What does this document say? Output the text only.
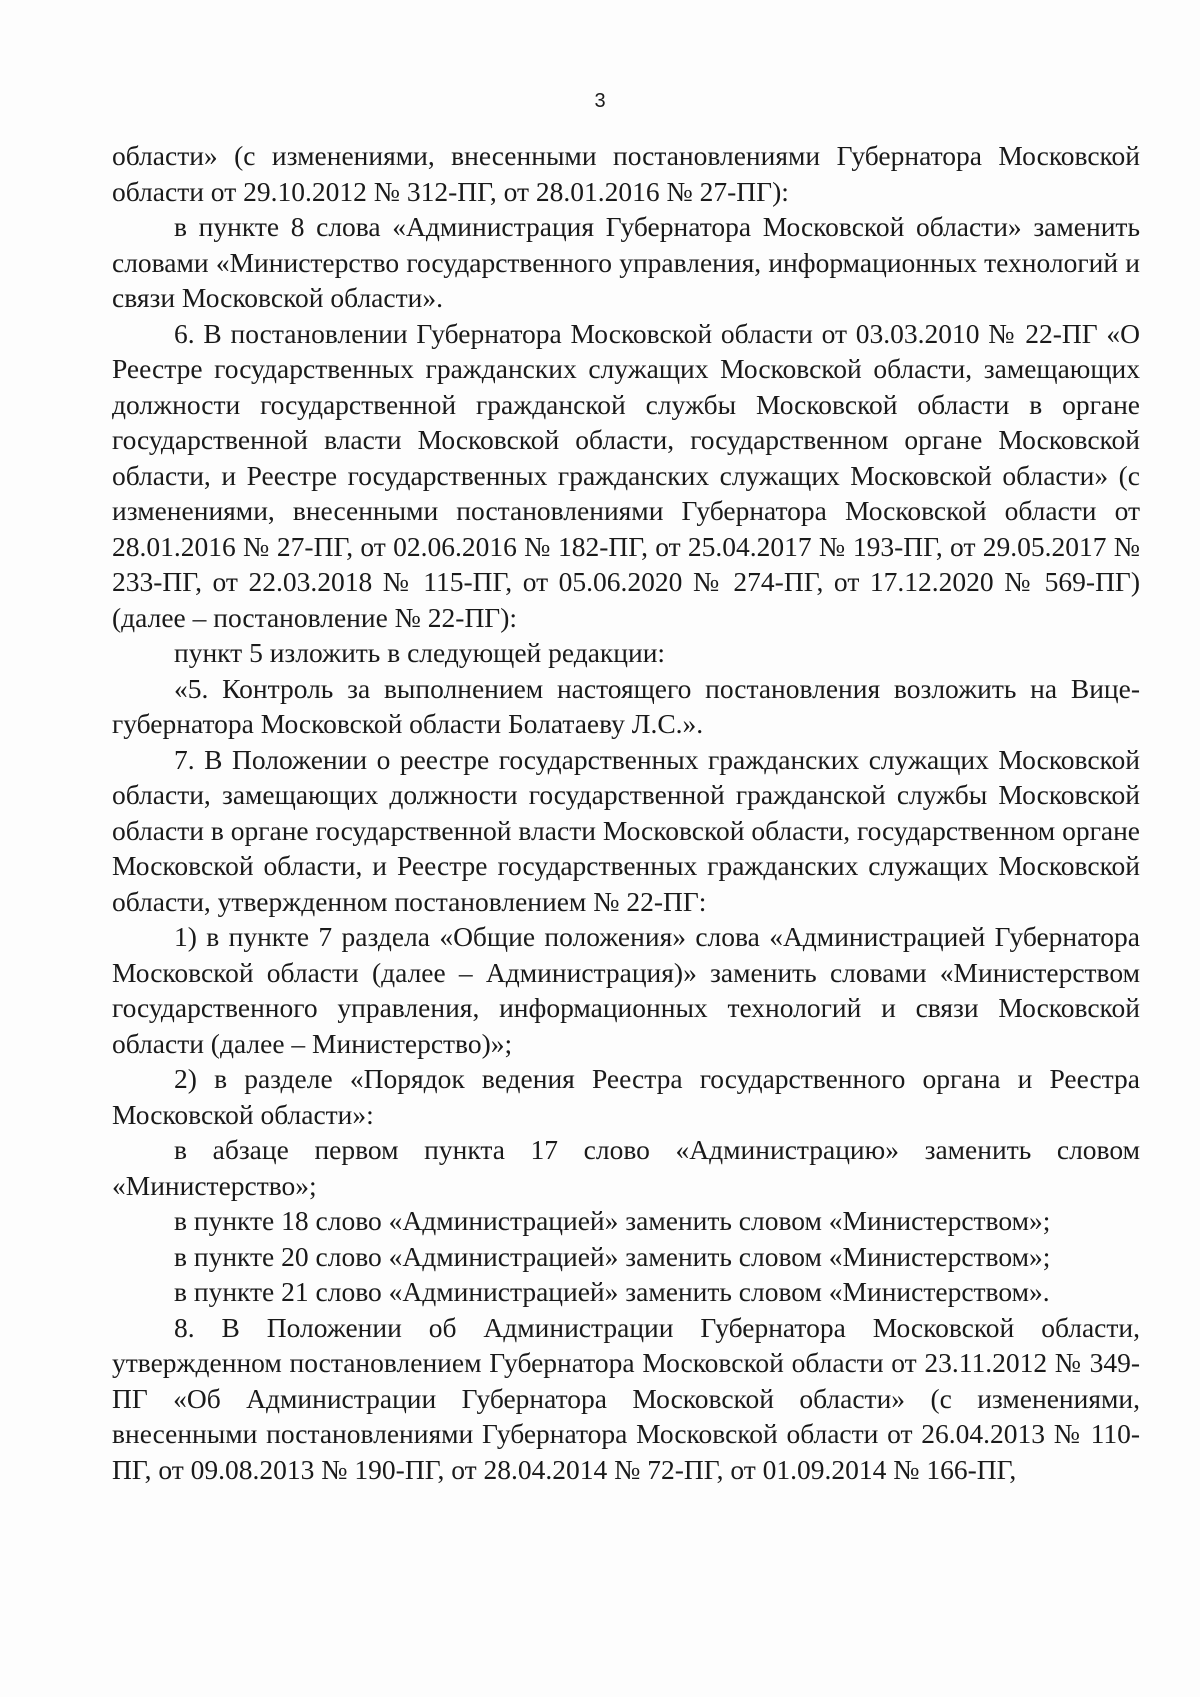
3

области» (с изменениями, внесенными постановлениями Губернатора Московской области от 29.10.2012 № 312-ПГ, от 28.01.2016 № 27-ПГ):

в пункте 8 слова «Администрация Губернатора Московской области» заменить словами «Министерство государственного управления, информационных технологий и связи Московской области».

6. В постановлении Губернатора Московской области от 03.03.2010 № 22-ПГ «О Реестре государственных гражданских служащих Московской области, замещающих должности государственной гражданской службы Московской области в органе государственной власти Московской области, государственном органе Московской области, и Реестре государственных гражданских служащих Московской области» (с изменениями, внесенными постановлениями Губернатора Московской области от 28.01.2016 № 27-ПГ, от 02.06.2016 № 182-ПГ, от 25.04.2017 № 193-ПГ, от 29.05.2017 № 233-ПГ, от 22.03.2018 № 115-ПГ, от 05.06.2020 № 274-ПГ, от 17.12.2020 № 569-ПГ) (далее – постановление № 22-ПГ):

пункт 5 изложить в следующей редакции:

«5. Контроль за выполнением настоящего постановления возложить на Вице-губернатора Московской области Болатаеву Л.С.».

7. В Положении о реестре государственных гражданских служащих Московской области, замещающих должности государственной гражданской службы Московской области в органе государственной власти Московской области, государственном органе Московской области, и Реестре государственных гражданских служащих Московской области, утвержденном постановлением № 22-ПГ:

1) в пункте 7 раздела «Общие положения» слова «Администрацией Губернатора Московской области (далее – Администрация)» заменить словами «Министерством государственного управления, информационных технологий и связи Московской области (далее – Министерство)»;

2) в разделе «Порядок ведения Реестра государственного органа и Реестра Московской области»:

в абзаце первом пункта 17 слово «Администрацию» заменить словом «Министерство»;

в пункте 18 слово «Администрацией» заменить словом «Министерством»;

в пункте 20 слово «Администрацией» заменить словом «Министерством»;

в пункте 21 слово «Администрацией» заменить словом «Министерством».

8. В Положении об Администрации Губернатора Московской области, утвержденном постановлением Губернатора Московской области от 23.11.2012 № 349-ПГ «Об Администрации Губернатора Московской области» (с изменениями, внесенными постановлениями Губернатора Московской области от 26.04.2013 № 110-ПГ, от 09.08.2013 № 190-ПГ, от 28.04.2014 № 72-ПГ, от 01.09.2014 № 166-ПГ,
